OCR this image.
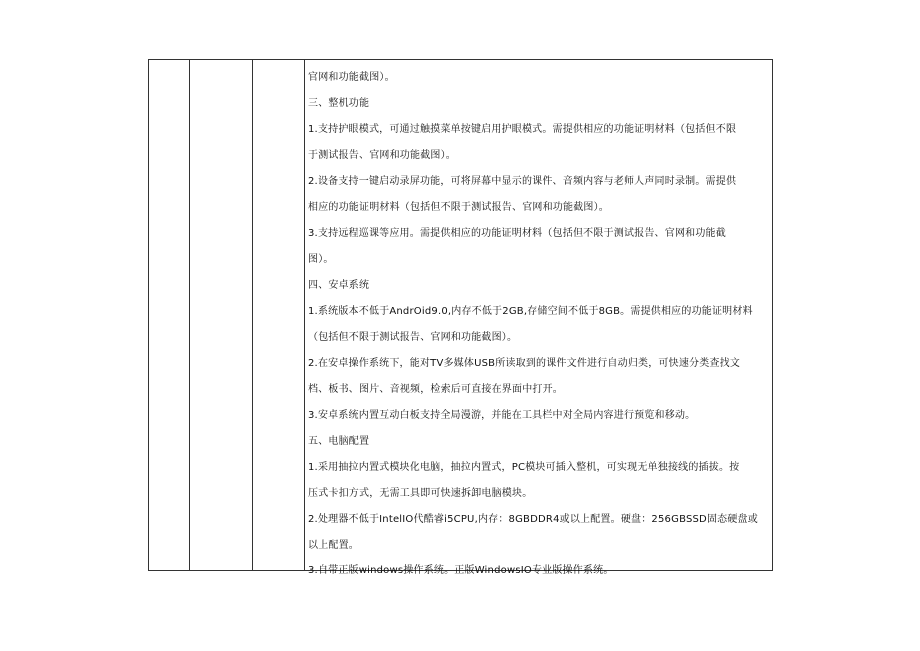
官网和功能截图）。
三、整机功能
1.支持护眼模式，可通过触摸菜单按键启用护眼模式。需提供相应的功能证明材料（包括但不限
于测试报告、官网和功能截图）。
2.设备支持一键启动录屏功能，可将屏幕中显示的课件、音频内容与老师人声同时录制。需提供
相应的功能证明材料（包括但不限于测试报告、官网和功能截图）。
3.支持远程巡课等应用。需提供相应的功能证明材料（包括但不限于测试报告、官网和功能截
图）。
四、安卓系统
1.系统版本不低于AndrOid9.0,内存不低于2GB,存储空间不低于8GB。需提供相应的功能证明材料
（包括但不限于测试报告、官网和功能截图）。
2.在安卓操作系统下，能对TV多媒体USB所读取到的课件文件进行自动归类，可快速分类查找文
档、板书、图片、音视频，检索后可直接在界面中打开。
3.安卓系统内置互动白板支持全局漫游，并能在工具栏中对全局内容进行预览和移动。
五、电脑配置
1.采用抽拉内置式模块化电脑，抽拉内置式，PC模块可插入整机，可实现无单独接线的插拔。按
压式卡扣方式，无需工具即可快速拆卸电脑模块。
2.处理器不低于IntelIO代酷睿i5CPU,内存：8GBDDR4或以上配置。硬盘：256GBSSD固态硬盘或
以上配置。
3.自带正版windows操作系统。正版WindowsIO专业版操作系统。
